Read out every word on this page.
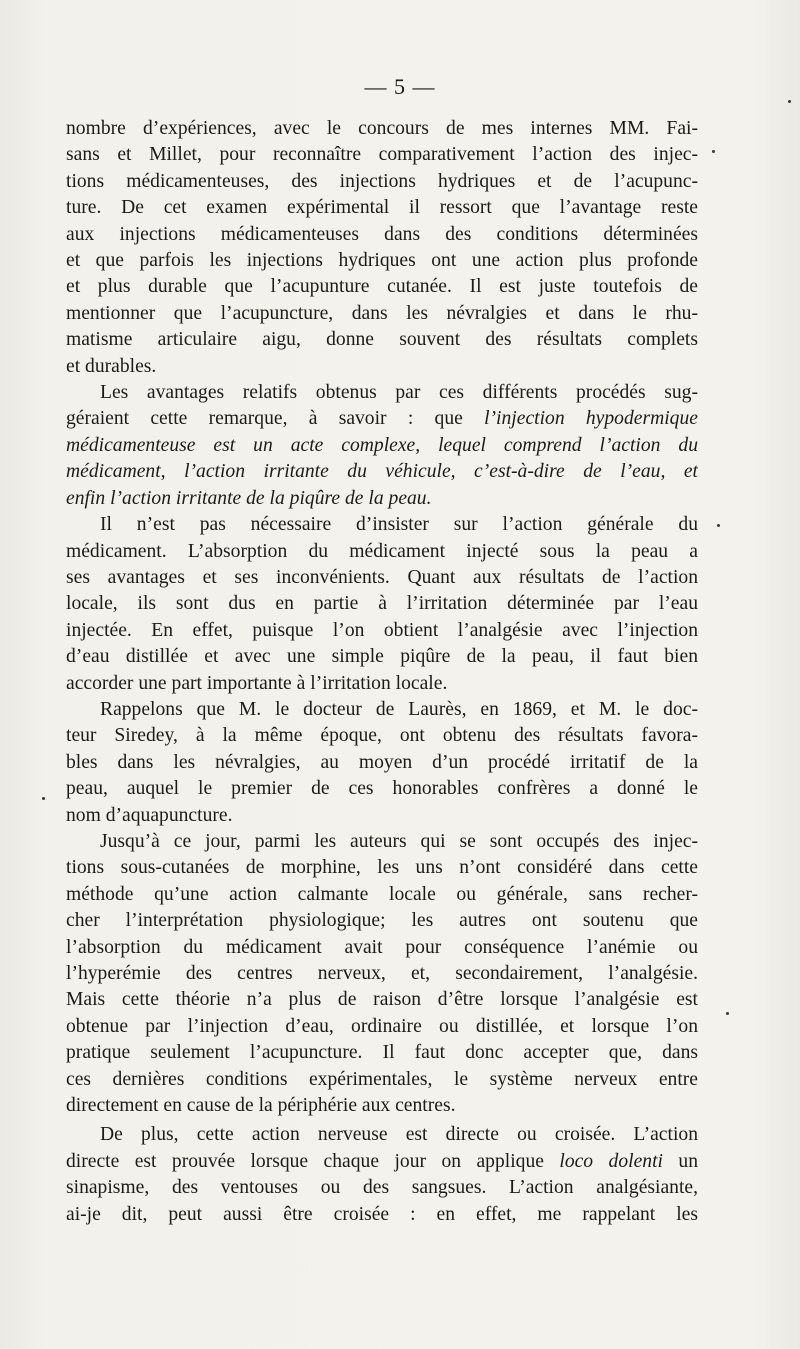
— 5 —
nombre d’expériences, avec le concours de mes internes MM. Fai-
sans et Millet, pour reconnaître comparativement l’action des injec-
tions médicamenteuses, des injections hydriques et de l’acupunc-
ture. De cet examen expérimental il ressort que l’avantage reste
aux injections médicamenteuses dans des conditions déterminées
et que parfois les injections hydriques ont une action plus profonde
et plus durable que l’acupunture cutanée. Il est juste toutefois de
mentionner que l’acupuncture, dans les névralgies et dans le rhu-
matisme articulaire aigu, donne souvent des résultats complets
et durables.
Les avantages relatifs obtenus par ces différents procédés sug-
géraient cette remarque, à savoir : que l’injection hypodermique
médicamenteuse est un acte complexe, lequel comprend l’action du
médicament, l’action irritante du véhicule, c’est-à-dire de l’eau, et
enfin l’action irritante de la piqûre de la peau.
Il n’est pas nécessaire d’insister sur l’action générale du
médicament. L’absorption du médicament injecté sous la peau a
ses avantages et ses inconvénients. Quant aux résultats de l’action
locale, ils sont dus en partie à l’irritation déterminée par l’eau
injectée. En effet, puisque l’on obtient l’analgésie avec l’injection
d’eau distillée et avec une simple piqûre de la peau, il faut bien
accorder une part importante à l’irritation locale.
Rappelons que M. le docteur de Laurès, en 1869, et M. le doc-
teur Siredey, à la même époque, ont obtenu des résultats favora-
bles dans les névralgies, au moyen d’un procédé irritatif de la
peau, auquel le premier de ces honorables confrères a donné le
nom d’aquapuncture.
Jusqu’à ce jour, parmi les auteurs qui se sont occupés des injec-
tions sous-cutanées de morphine, les uns n’ont considéré dans cette
méthode qu’une action calmante locale ou générale, sans recher-
cher l’interprétation physiologique; les autres ont soutenu que
l’absorption du médicament avait pour conséquence l’anémie ou
l’hyperémie des centres nerveux, et, secondairement, l’analgésie.
Mais cette théorie n’a plus de raison d’être lorsque l’analgésie est
obtenue par l’injection d’eau, ordinaire ou distillée, et lorsque l’on
pratique seulement l’acupuncture. Il faut donc accepter que, dans
ces dernières conditions expérimentales, le système nerveux entre
directement en cause de la périphérie aux centres.
De plus, cette action nerveuse est directe ou croisée. L’action
directe est prouvée lorsque chaque jour on applique loco dolenti un
sinapisme, des ventouses ou des sangsues. L’action analgésiante,
ai-je dit, peut aussi être croisée : en effet, me rappelant les
